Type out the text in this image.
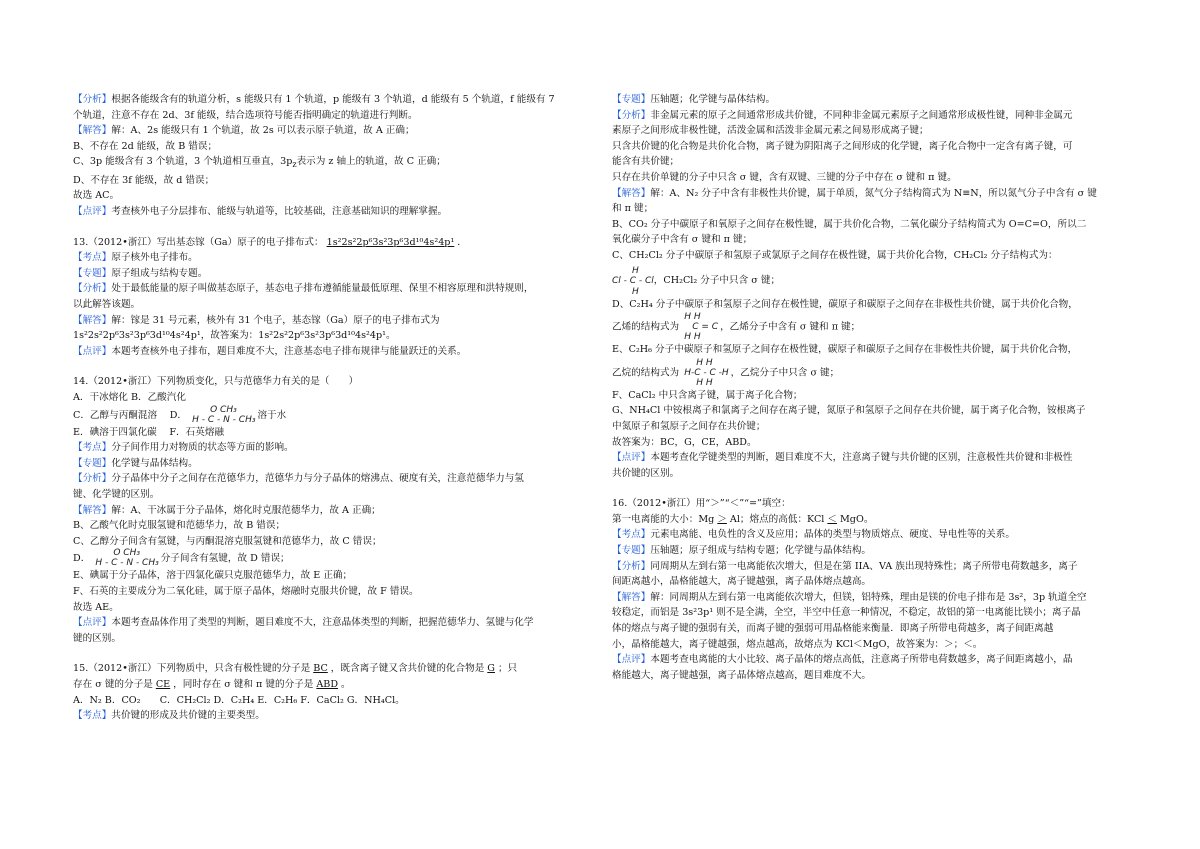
【分析】根据各能级含有的轨道分析，s 能级只有 1 个轨道，p 能级有 3 个轨道，d 能级有 5 个轨道，f 能级有 7
个轨道，注意不存在 2d、3f 能级，结合选项符号能否指明确定的轨道进行判断。
【解答】解：A、2s 能级只有 1 个轨道，故 2s 可以表示原子轨道，故 A 正确；
B、不存在 2d 能级，故 B 错误；
C、3p 能级含有 3 个轨道，3 个轨道相互垂直，$3p_z$表示为 z 轴上的轨道，故 C 正确；
D、不存在 3f 能级，故 d 错误；
故选 AC。
【点评】考查核外电子分层排布、能级与轨道等，比较基础，注意基础知识的理解掌握。
13.（2012•浙江）写出基态镓（Ga）原子的电子排布式： 1s²2s²2p⁶3s²3p⁶3d¹⁰4s²4p¹ ．
【考点】原子核外电子排布。
【专题】原子组成与结构专题。
【分析】处于最低能量的原子叫做基态原子，基态电子排布遵循能量最低原理、保里不相容原理和洪特规则，
以此解答该题。
【解答】解：镓是 31 号元素，核外有 31 个电子，基态镓（Ga）原子的电子排布式为
1s²2s²2p⁶3s²3p⁶3d¹⁰4s²4p¹，故答案为：1s²2s²2p⁶3s²3p⁶3d¹⁰4s²4p¹。
【点评】本题考查核外电子排布，题目难度不大，注意基态电子排布规律与能量跃迁的关系。
14.（2012•浙江）下列物质变化，只与范德华力有关的是（　　）
A．干冰熔化 B．乙酸汽化
C．乙醇与丙酮混溶　 D．	O CH₃
H - C - N - CH₃ 溶于水
E．碘溶于四氯化碳　 F．石英熔融
【考点】分子间作用力对物质的状态等方面的影响。
【专题】化学键与晶体结构。
【分析】分子晶体中分子之间存在范德华力，范德华力与分子晶体的熔沸点、硬度有关，注意范德华力与氢
键、化学键的区别。
【解答】解：A、干冰属于分子晶体，熔化时克服范德华力，故 A 正确；
B、乙酸气化时克服氢键和范德华力，故 B 错误；
C、乙醇分子间含有氢键，与丙酮混溶克服氢键和范德华力，故 C 错误；
D．	O CH₃
H - C - N - CH₃ 分子间含有氢键，故 D 错误；
E、碘属于分子晶体，溶于四氯化碳只克服范德华力，故 E 正确；
F、石英的主要成分为二氧化硅，属于原子晶体，熔融时克服共价键，故 F 错误。
故选 AE。
【点评】本题考查晶体作用了类型的判断，题目难度不大，注意晶体类型的判断，把握范德华力、氢键与化学
键的区别。
15.（2012•浙江）下列物质中，只含有极性键的分子是 BC ，既含离子键又含共价键的化合物是 G ；只
存在 σ 键的分子是 CE ，同时存在 σ 键和 π 键的分子是 ABD 。
A．N₂ B．CO₂　　C．CH₂Cl₂ D．C₂H₄ E．C₂H₆ F．CaCl₂ G．NH₄Cl。
【考点】共价键的形成及共价键的主要类型。
【专题】压轴题；化学键与晶体结构。
【分析】非金属元素的原子之间通常形成共价键，不同种非金属元素原子之间通常形成极性键，同种非金属元
素原子之间形成非极性键，活泼金属和活泼非金属元素之间易形成离子键；
只含共价键的化合物是共价化合物，离子键为阴阳离子之间形成的化学键，离子化合物中一定含有离子键，可
能含有共价键；
只存在共价单键的分子中只含 σ 键，含有双键、三键的分子中存在 σ 键和 π 键。
【解答】解：A、N₂ 分子中含有非极性共价键，属于单质，氮气分子结构简式为 N≡N，所以氮气分子中含有 σ 键
和 π 键；
B、CO₂ 分子中碳原子和氧原子之间存在极性键，属于共价化合物，二氧化碳分子结构简式为 O=C=O，所以二
氧化碳分子中含有 σ 键和 π 键；
C、CH₂Cl₂ 分子中碳原子和氢原子或氯原子之间存在极性键，属于共价化合物，CH₂Cl₂ 分子结构式为：

H
Cl - C - Cl
H
，CH₂Cl₂ 分子中只含 σ 键；
D、C₂H₄ 分子中碳原子和氢原子之间存在极性键，碳原子和碳原子之间存在非极性共价键，属于共价化合物，
乙烯的结构式为
H H
C = C
H H
，乙烯分子中含有 σ 键和 π 键；
E、C₂H₆ 分子中碳原子和氢原子之间存在极性键，碳原子和碳原子之间存在非极性共价键，属于共价化合物，
乙烷的结构式为
H H
H-C - C -H
H H
，乙烷分子中只含 σ 键；
F、CaCl₂ 中只含离子键，属于离子化合物；
G、NH₄Cl 中铵根离子和氯离子之间存在离子键，氮原子和氢原子之间存在共价键，属于离子化合物，铵根离子
中氮原子和氢原子之间存在共价键；
故答案为：BC，G，CE，ABD。
【点评】本题考查化学键类型的判断，题目难度不大，注意离子键与共价键的区别，注意极性共价键和非极性
共价键的区别。
16.（2012•浙江）用“＞”“＜”“=”填空：
第一电离能的大小：Mg ＞ Al；熔点的高低：KCl ＜ MgO。
【考点】元素电离能、电负性的含义及应用；晶体的类型与物质熔点、硬度、导电性等的关系。
【专题】压轴题；原子组成与结构专题；化学键与晶体结构。
【分析】同周期从左到右第一电离能依次增大，但是在第 IIA、VA 族出现特殊性；离子所带电荷数越多，离子
间距离越小，晶格能越大，离子键越强，离子晶体熔点越高。
【解答】解：同周期从左到右第一电离能依次增大，但镁，铝特殊，理由是镁的价电子排布是 3s²，3p 轨道全空
较稳定，而铝是 3s²3p¹ 则不是全满，全空，半空中任意一种情况，不稳定，故铝的第一电离能比镁小；离子晶
体的熔点与离子键的强弱有关，而离子键的强弱可用晶格能来衡量．即离子所带电荷越多，离子间距离越
小，晶格能越大，离子键越强，熔点越高，故熔点为 KCl＜MgO，故答案为：＞；＜。
【点评】本题考查电离能的大小比较、离子晶体的熔点高低，注意离子所带电荷数越多，离子间距离越小，晶
格能越大，离子键越强，离子晶体熔点越高，题目难度不大。
